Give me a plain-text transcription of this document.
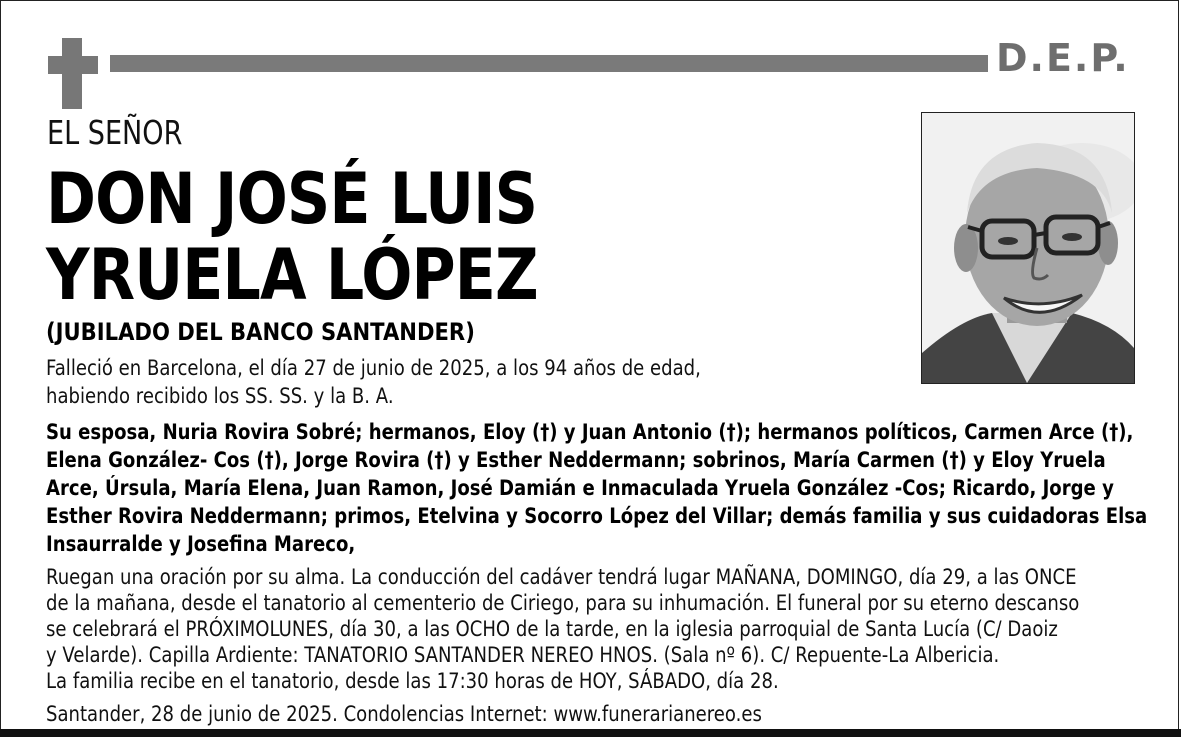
D.E.P.
EL SEÑOR
DON JOSÉ LUIS
YRUELA LÓPEZ
(JUBILADO DEL BANCO SANTANDER)
Falleció en Barcelona, el día 27 de junio de 2025, a los 94 años de edad,
habiendo recibido los SS. SS. y la B. A.
Su esposa, Nuria Rovira Sobré; hermanos, Eloy (†) y Juan Antonio (†); hermanos políticos, Carmen Arce (†),
Elena González- Cos (†), Jorge Rovira (†) y Esther Neddermann; sobrinos, María Carmen (†) y Eloy Yruela
Arce, Úrsula, María Elena, Juan Ramon, José Damián e Inmaculada Yruela González -Cos; Ricardo, Jorge y
Esther Rovira Neddermann; primos, Etelvina y Socorro López del Villar; demás familia y sus cuidadoras Elsa
Insaurralde y Josefina Mareco,
Ruegan una oración por su alma. La conducción del cadáver tendrá lugar MAÑANA, DOMINGO, día 29, a las ONCE
de la mañana, desde el tanatorio al cementerio de Ciriego, para su inhumación. El funeral por su eterno descanso
se celebrará el PRÓXIMOLUNES, día 30, a las OCHO de la tarde, en la iglesia parroquial de Santa Lucía (C/ Daoiz
y Velarde). Capilla Ardiente: TANATORIO SANTANDER NEREO HNOS. (Sala nº 6). C/ Repuente-La Albericia.
La familia recibe en el tanatorio, desde las 17:30 horas de HOY, SÁBADO, día 28.
Santander, 28 de junio de 2025. Condolencias Internet: www.funerarianereo.es
